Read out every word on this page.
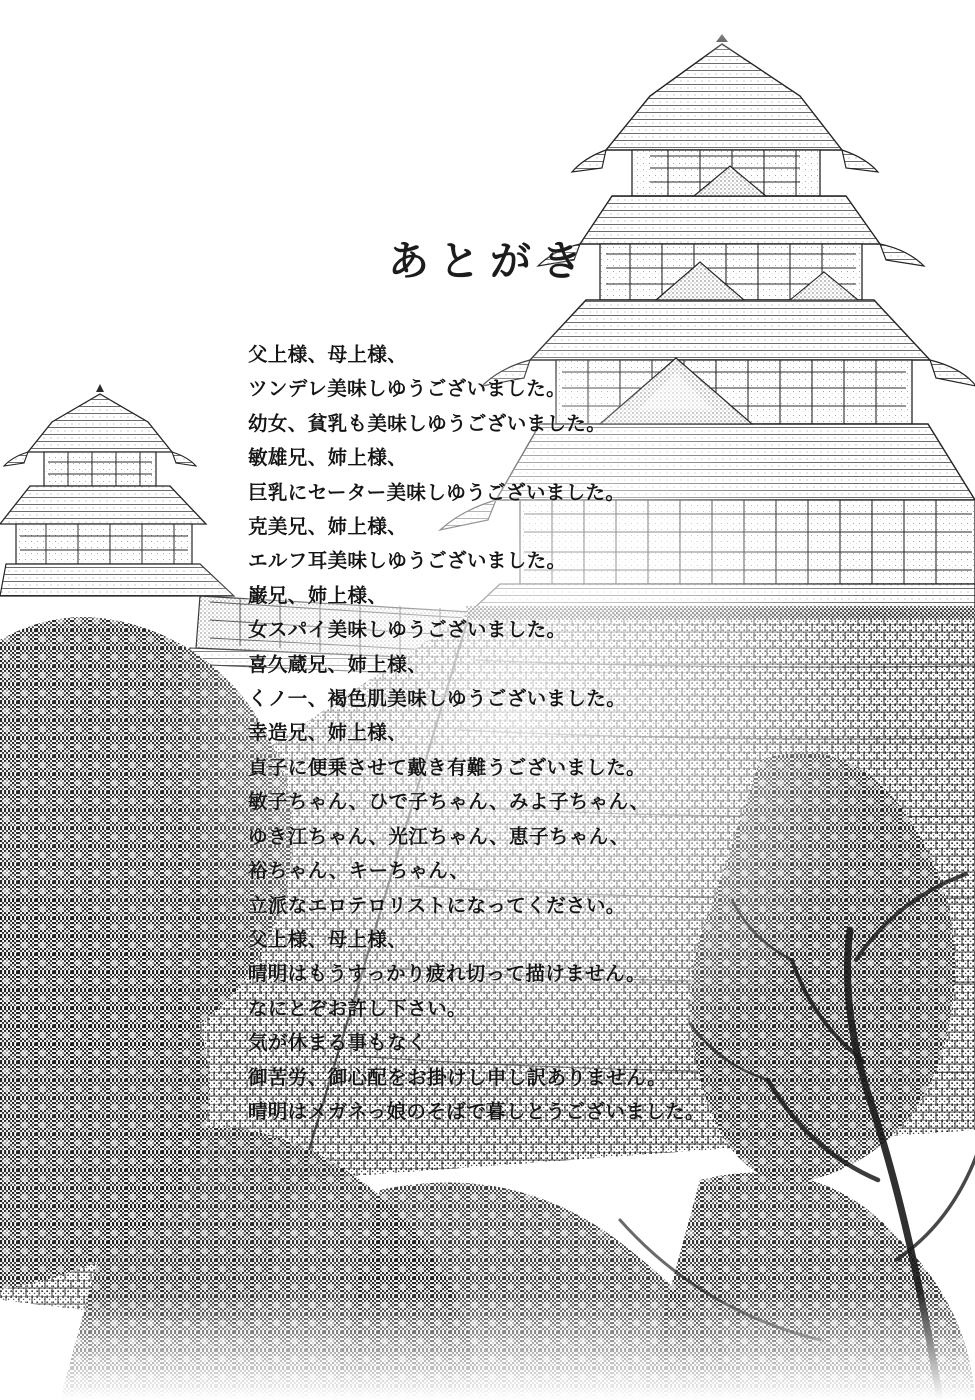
あとがき
父上様、母上様、
ツンデレ美味しゆうございました。
幼女、貧乳も美味しゆうございました。
敏雄兄、姉上様、
巨乳にセーター美味しゆうございました。
克美兄、姉上様、
エルフ耳美味しゆうございました。
巌兄、姉上様、
女スパイ美味しゆうございました。
喜久蔵兄、姉上様、
くノ一、褐色肌美味しゆうございました。
幸造兄、姉上様、
貞子に便乗させて戴き有難うございました。
敏子ちゃん、ひで子ちゃん、みよ子ちゃん、
ゆき江ちゃん、光江ちゃん、恵子ちゃん、
裕ちゃん、キーちゃん、
立派なエロテロリストになってください。
父上様、母上様、
晴明はもうすっかり疲れ切って描けません。
なにとぞお許し下さい。
気が休まる事もなく
御苦労、御心配をお掛けし申し訳ありません。
晴明はメガネっ娘のそばで暮しとうございました。
